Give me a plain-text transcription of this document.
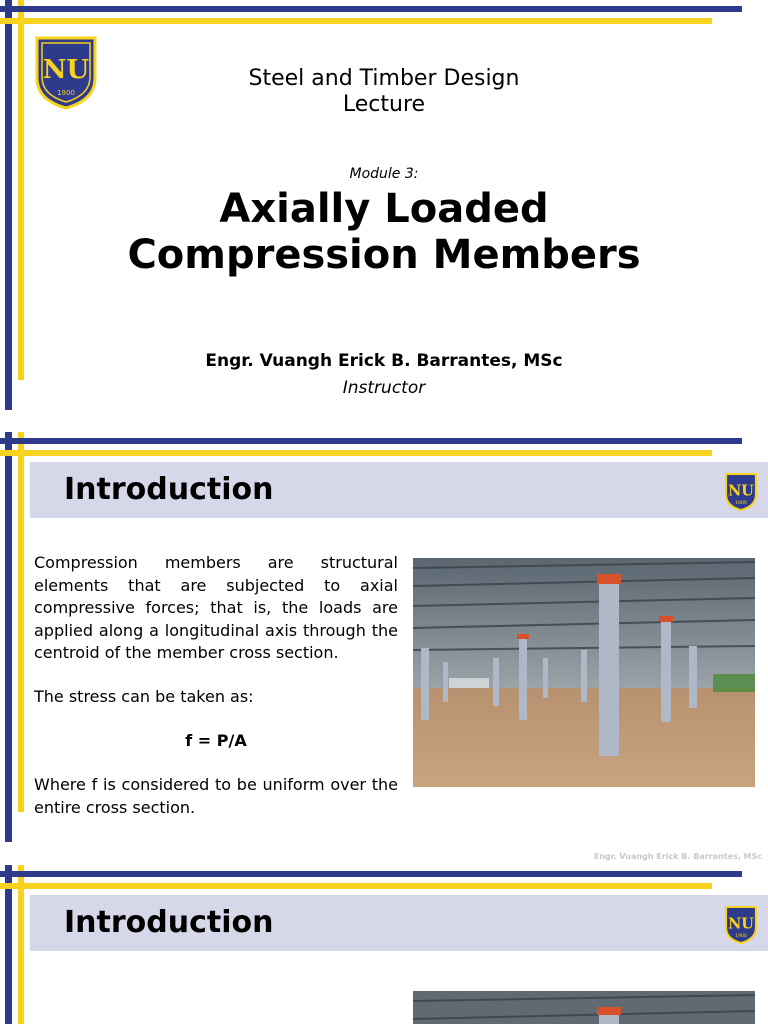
NU
1900
Steel and Timber Design
Lecture
Module 3:
Axially Loaded
Compression Members
Engr. Vuangh Erick B. Barrantes, MSc
Instructor
Introduction	NU
1900
Compression members are structural elements that are subjected to axial compressive forces; that is, the loads are applied along a longitudinal axis through the centroid of the member cross section.
The stress can be taken as:
f = P/A
Where f is considered to be uniform over the entire cross section.
Engr. Vuangh Erick B. Barrantes, MSc
Introduction	NU
1900
